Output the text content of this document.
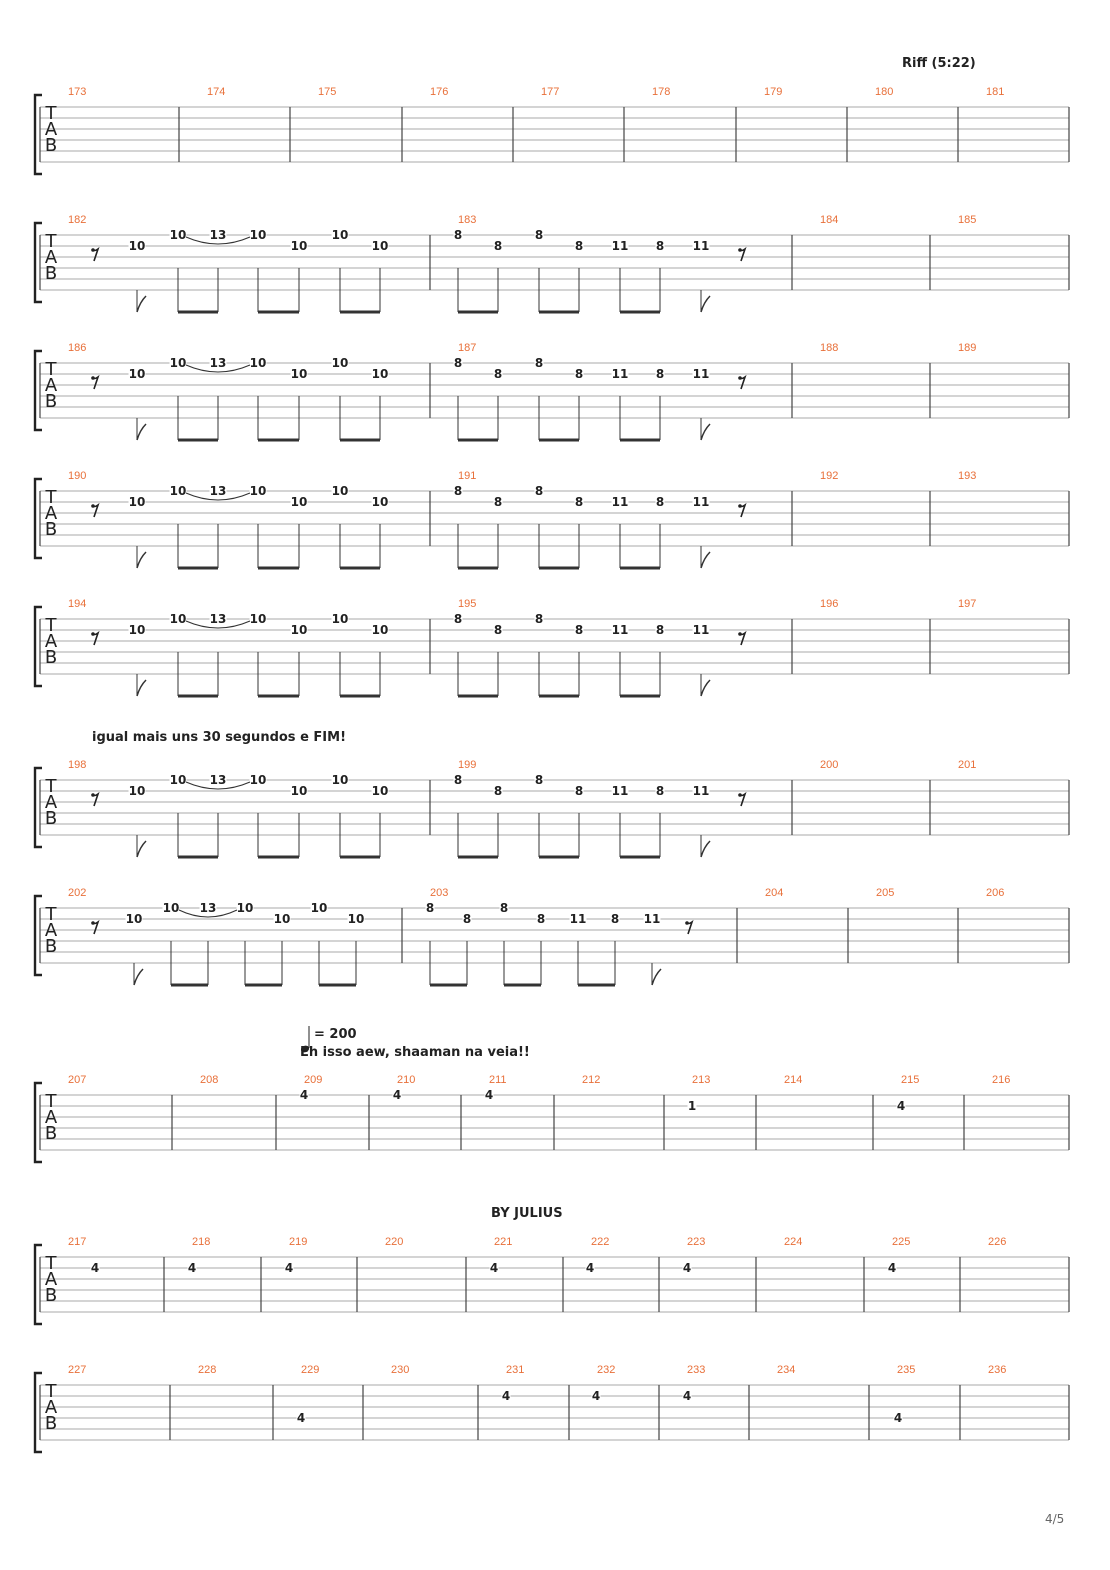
Riff (5:22)
igual mais uns 30 segundos e FIM!
= 200
Eh isso aew, shaaman na veia!!
BY JULIUS
4/5
T
A
B
173	174	175	176	177	178	179	180	181
T
A
B
182	183	184	185
10
10 13 10
10
10
10
8
8
8
8 11 8 11
T
A
B
186	187	188	189
10
10 13 10
10
10
10
8
8
8
8 11 8 11
T
A
B
190	191	192	193
10
10 13 10
10
10
10
8
8
8
8 11 8 11
T
A
B
194	195	196	197
10
10 13 10
10
10
10
8
8
8
8 11 8 11
T
A
B
198	199	200	201
10
10 13 10
10
10
10
8
8
8
8 11 8 11
T
A
B
202	203	204	205	206
10
10 13 10
10
10
10
8
8
8
8 11 8 11
T
A
B
207	208	209
4
210
4
211
4
212	213
1
214	215
4
216
T
A
B
217
4
218
4
219
4
220	221
4
222
4
223
4
224	225
4
226
T
A
B
227	228	229
4
230	231
4
232
4
233
4
234	235
4
236
